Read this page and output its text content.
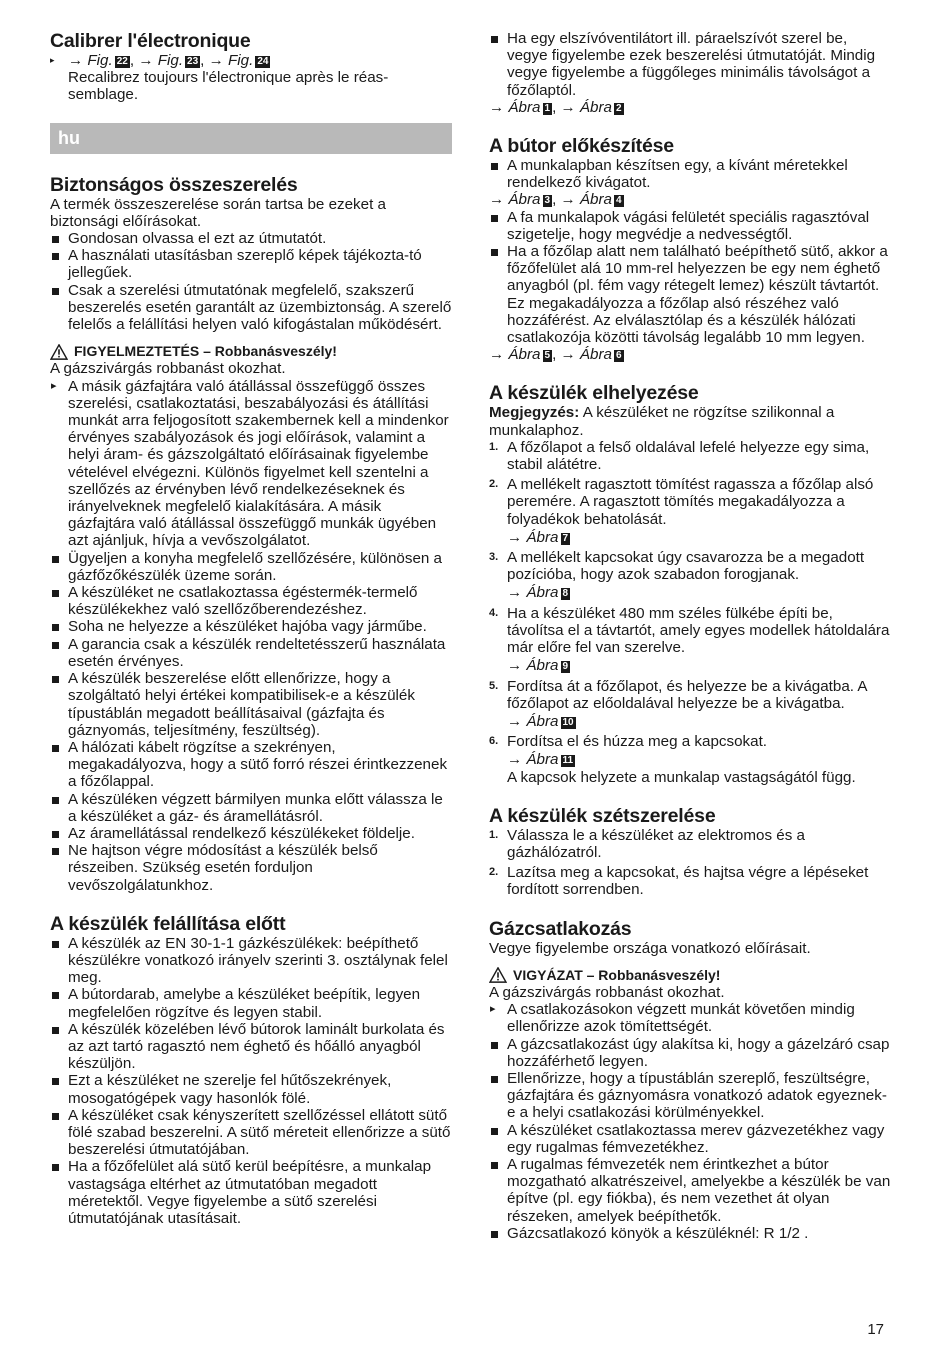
Calibrer l'électronique
▸ → Fig. 22 , → Fig. 23 , → Fig. 24

Recalibrez toujours l'électronique après le réas-semblage.

hu
Biztonságos összeszerelés

A termék összeszerelése során tartsa be ezeket a biztonsági előírásokat.

Gondosan olvassa el ezt az útmutatót.
A használati utasításban szereplő képek tájékozta-tó jellegűek.
Csak a szerelési útmutatónak megfelelő, szakszerű beszerelés esetén garantált az üzembiztonság. A szerelő felelős a felállítási helyen való kifogástalan működésért.
FIGYELMEZTETÉS – Robbanásveszély!

A gázszivárgás robbanást okozhat.

▸ A másik gázfajtára való átállással összefüggő összes szerelési, csatlakoztatási, beszabályozási és átállítási munkát arra feljogosított szakembernek kell a mindenkor érvényes szabályozások és jogi előírások, valamint a helyi áram- és gázszolgáltató előírásainak figyelembe vételével elvégezni. Különös figyelmet kell szentelni a szellőzés az érvényben lévő rendelkezéseknek és irányelveknek megfelelő kialakítására. A másik gázfajtára való átállással összefüggő munkák ügyében azt ajánljuk, hívja a vevőszolgálatot.
Ügyeljen a konyha megfelelő szellőzésére, különösen a gázfőzőkészülék üzeme során.
A készüléket ne csatlakoztassa égéstermék-termelő készülékekhez való szellőzőberendezéshez.
Soha ne helyezze a készüléket hajóba vagy járműbe.
A garancia csak a készülék rendeltetésszerű használata esetén érvényes.
A készülék beszerelése előtt ellenőrizze, hogy a szolgáltató helyi értékei kompatibilisek-e a készülék típustáblán megadott beállításaival (gázfajta és gáznyomás, teljesítmény, feszültség).
A hálózati kábelt rögzítse a szekrényen, megakadályozva, hogy a sütő forró részei érintkezzenek a főzőlappal.
A készüléken végzett bármilyen munka előtt válassza le a készüléket a gáz- és áramellátásról.
Az áramellátással rendelkező készülékeket földelje.
Ne hajtson végre módosítást a készülék belső részeiben. Szükség esetén forduljon vevőszolgálatunkhoz.
A készülék felállítása előtt
A készülék az EN 30-1-1 gázkészülékek: beépíthető készülékre vonatkozó irányelv szerinti 3. osztálynak felel meg.
A bútordarab, amelybe a készüléket beépítik, legyen megfelelően rögzítve és legyen stabil.
A készülék közelében lévő bútorok laminált burkolata és az azt tartó ragasztó nem éghető és hőálló anyagból készüljön.
Ezt a készüléket ne szerelje fel hűtőszekrények, mosogatógépek vagy hasonlók fölé.
A készüléket csak kényszerített szellőzéssel ellátott sütő fölé szabad beszerelni. A sütő méreteit ellenőrizze a sütő beszerelési útmutatójában.
Ha a főzőfelület alá sütő kerül beépítésre, a munkalap vastagsága eltérhet az útmutatóban megadott méretektől. Vegye figyelembe a sütő szerelési útmutatójának utasításait.
Ha egy elszívóventilátort ill. páraelszívót szerel be, vegye figyelembe ezek beszerelési útmutatóját. Mindig vegye figyelembe a függőleges minimális távolságot a főzőlaptól.

→ Ábra 1 , → Ábra 2

A bútor előkészítése
A munkalapban készítsen egy, a kívánt méretekkel rendelkező kivágatot.

→ Ábra 3 , → Ábra 4

A fa munkalapok vágási felületét speciális ragasztóval szigetelje, hogy megvédje a nedvességtől.
Ha a főzőlap alatt nem található beépíthető sütő, akkor a főzőfelület alá 10 mm-rel helyezzen be egy nem éghető anyagból (pl. fém vagy rétegelt lemez) készült távtartót. Ez megakadályozza a főzőlap alsó részéhez való hozzáférést. Az elválasztólap és a készülék hálózati csatlakozója közötti távolság legalább 10 mm legyen.

→ Ábra 5 , → Ábra 6

A készülék elhelyezése

Megjegyzés: A készüléket ne rögzítse szilikonnal a munkalaphoz.

1. A főzőlapot a felső oldalával lefelé helyezze egy sima, stabil alátétre.
2. A mellékelt ragasztott tömítést ragassza a főzőlap alsó peremére. A ragasztott tömítés megakadályozza a folyadékok behatolását.
→ Ábra 7
3. A mellékelt kapcsokat úgy csavarozza be a megadott pozícióba, hogy azok szabadon forogjanak.
→ Ábra 8
4. Ha a készüléket 480 mm széles fülkébe építi be, távolítsa el a távtartót, amely egyes modellek hátoldalára már előre fel van szerelve.
→ Ábra 9
5. Fordítsa át a főzőlapot, és helyezze be a kivágatba. A főzőlapot az előoldalával helyezze be a kivágatba.
→ Ábra 10
6. Fordítsa el és húzza meg a kapcsokat.
→ Ábra 11
A kapcsok helyzete a munkalap vastagságától függ.
A készülék szétszerelése
1. Válassza le a készüléket az elektromos és a gázhálózatról.
2. Lazítsa meg a kapcsokat, és hajtsa végre a lépéseket fordított sorrendben.
Gázcsatlakozás

Vegye figyelembe országa vonatkozó előírásait.

VIGYÁZAT – Robbanásveszély!

A gázszivárgás robbanást okozhat.

▸ A csatlakozásokon végzett munkát követően mindig ellenőrizze azok tömítettségét.
A gázcsatlakozást úgy alakítsa ki, hogy a gázelzáró csap hozzáférhető legyen.
Ellenőrizze, hogy a típustáblán szereplő, feszültségre, gázfajtára és gáznyomásra vonatkozó adatok egyeznek-e a helyi csatlakozási körülményekkel.
A készüléket csatlakoztassa merev gázvezetékhez vagy egy rugalmas fémvezetékhez.
A rugalmas fémvezeték nem érintkezhet a bútor mozgatható alkatrészeivel, amelyekbe a készülék be van építve (pl. egy fiókba), és nem vezethet át olyan részeken, amelyek beépíthetők.
Gázcsatlakozó könyök a készüléknél: R 1/2 .
17
